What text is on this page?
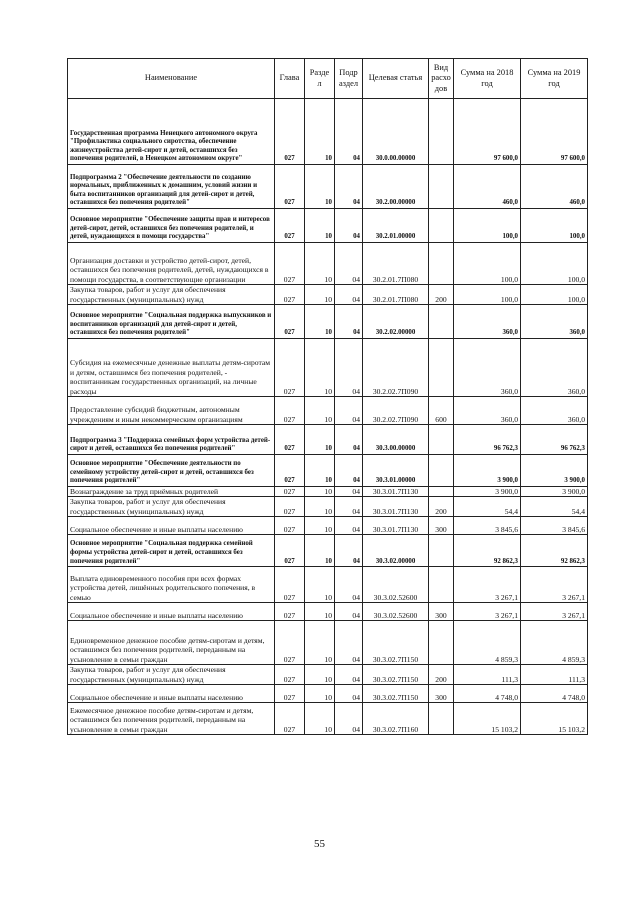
Наименование	Глава	Разде л	Подр аздел	Целевая статья	Вид расхо дов	Сумма на 2018 год	Сумма на 2019 год
Государственная программа Ненецкого автономного округа "Профилактика социального сиротства, обеспечение жизнеустройства детей-сирот и детей, оставшихся без попечения родителей, в Ненецком автономном округе"	027	10	04	30.0.00.00000		97 600,0	97 600,0
Подпрограмма 2 "Обеспечение деятельности по созданию нормальных, приближенных к домашним, условий жизни и быта воспитанников организаций для детей-сирот и детей, оставшихся без попечения родителей"	027	10	04	30.2.00.00000		460,0	460,0
Основное мероприятие "Обеспечение защиты прав и интересов детей-сирот, детей, оставшихся без попечения родителей, и детей, нуждающихся в помощи государства"	027	10	04	30.2.01.00000		100,0	100,0
Организация доставки и устройство детей-сирот, детей, оставшихся без попечения родителей, детей, нуждающихся в помощи государства, в соответствующие организации	027	10	04	30.2.01.7П080		100,0	100,0
Закупка товаров, работ и услуг для обеспечения государственных (муниципальных) нужд	027	10	04	30.2.01.7П080	200	100,0	100,0
Основное мероприятие "Социальная поддержка выпускников и воспитанников организаций для детей-сирот и детей, оставшихся без попечения родителей"	027	10	04	30.2.02.00000		360,0	360,0
Субсидия на ежемесячные денежные выплаты детям-сиротам и детям, оставшимся без попечения родителей, - воспитанникам государственных организаций, на личные расходы	027	10	04	30.2.02.7П090		360,0	360,0
Предоставление субсидий бюджетным, автономным учреждениям и иным некоммерческим организациям	027	10	04	30.2.02.7П090	600	360,0	360,0
Подпрограмма 3 "Поддержка семейных форм устройства детей-сирот и детей, оставшихся без попечения родителей"	027	10	04	30.3.00.00000		96 762,3	96 762,3
Основное мероприятие "Обеспечение деятельности по семейному устройству детей-сирот и детей, оставшихся без попечения родителей"	027	10	04	30.3.01.00000		3 900,0	3 900,0
Вознаграждение за труд приёмных родителей	027	10	04	30.3.01.7П130		3 900,0	3 900,0
Закупка товаров, работ и услуг для обеспечения государственных (муниципальных) нужд	027	10	04	30.3.01.7П130	200	54,4	54,4
Социальное обеспечение и иные выплаты населению	027	10	04	30.3.01.7П130	300	3 845,6	3 845,6
Основное мероприятие "Социальная поддержка семейной формы устройства детей-сирот и детей, оставшихся без попечения родителей"	027	10	04	30.3.02.00000		92 862,3	92 862,3
Выплата единовременного пособия при всех формах устройства детей, лишённых родительского попечения, в семью	027	10	04	30.3.02.52600		3 267,1	3 267,1
Социальное обеспечение и иные выплаты населению	027	10	04	30.3.02.52600	300	3 267,1	3 267,1
Единовременное денежное пособие детям-сиротам и детям, оставшимся без попечения родителей, переданным на усыновление в семьи граждан	027	10	04	30.3.02.7П150		4 859,3	4 859,3
Закупка товаров, работ и услуг для обеспечения государственных (муниципальных) нужд	027	10	04	30.3.02.7П150	200	111,3	111,3
Социальное обеспечение и иные выплаты населению	027	10	04	30.3.02.7П150	300	4 748,0	4 748,0
Ежемесячное денежное пособие детям-сиротам и детям, оставшимся без попечения родителей, переданным на усыновление в семьи граждан	027	10	04	30.3.02.7П160		15 103,2	15 103,2
55
